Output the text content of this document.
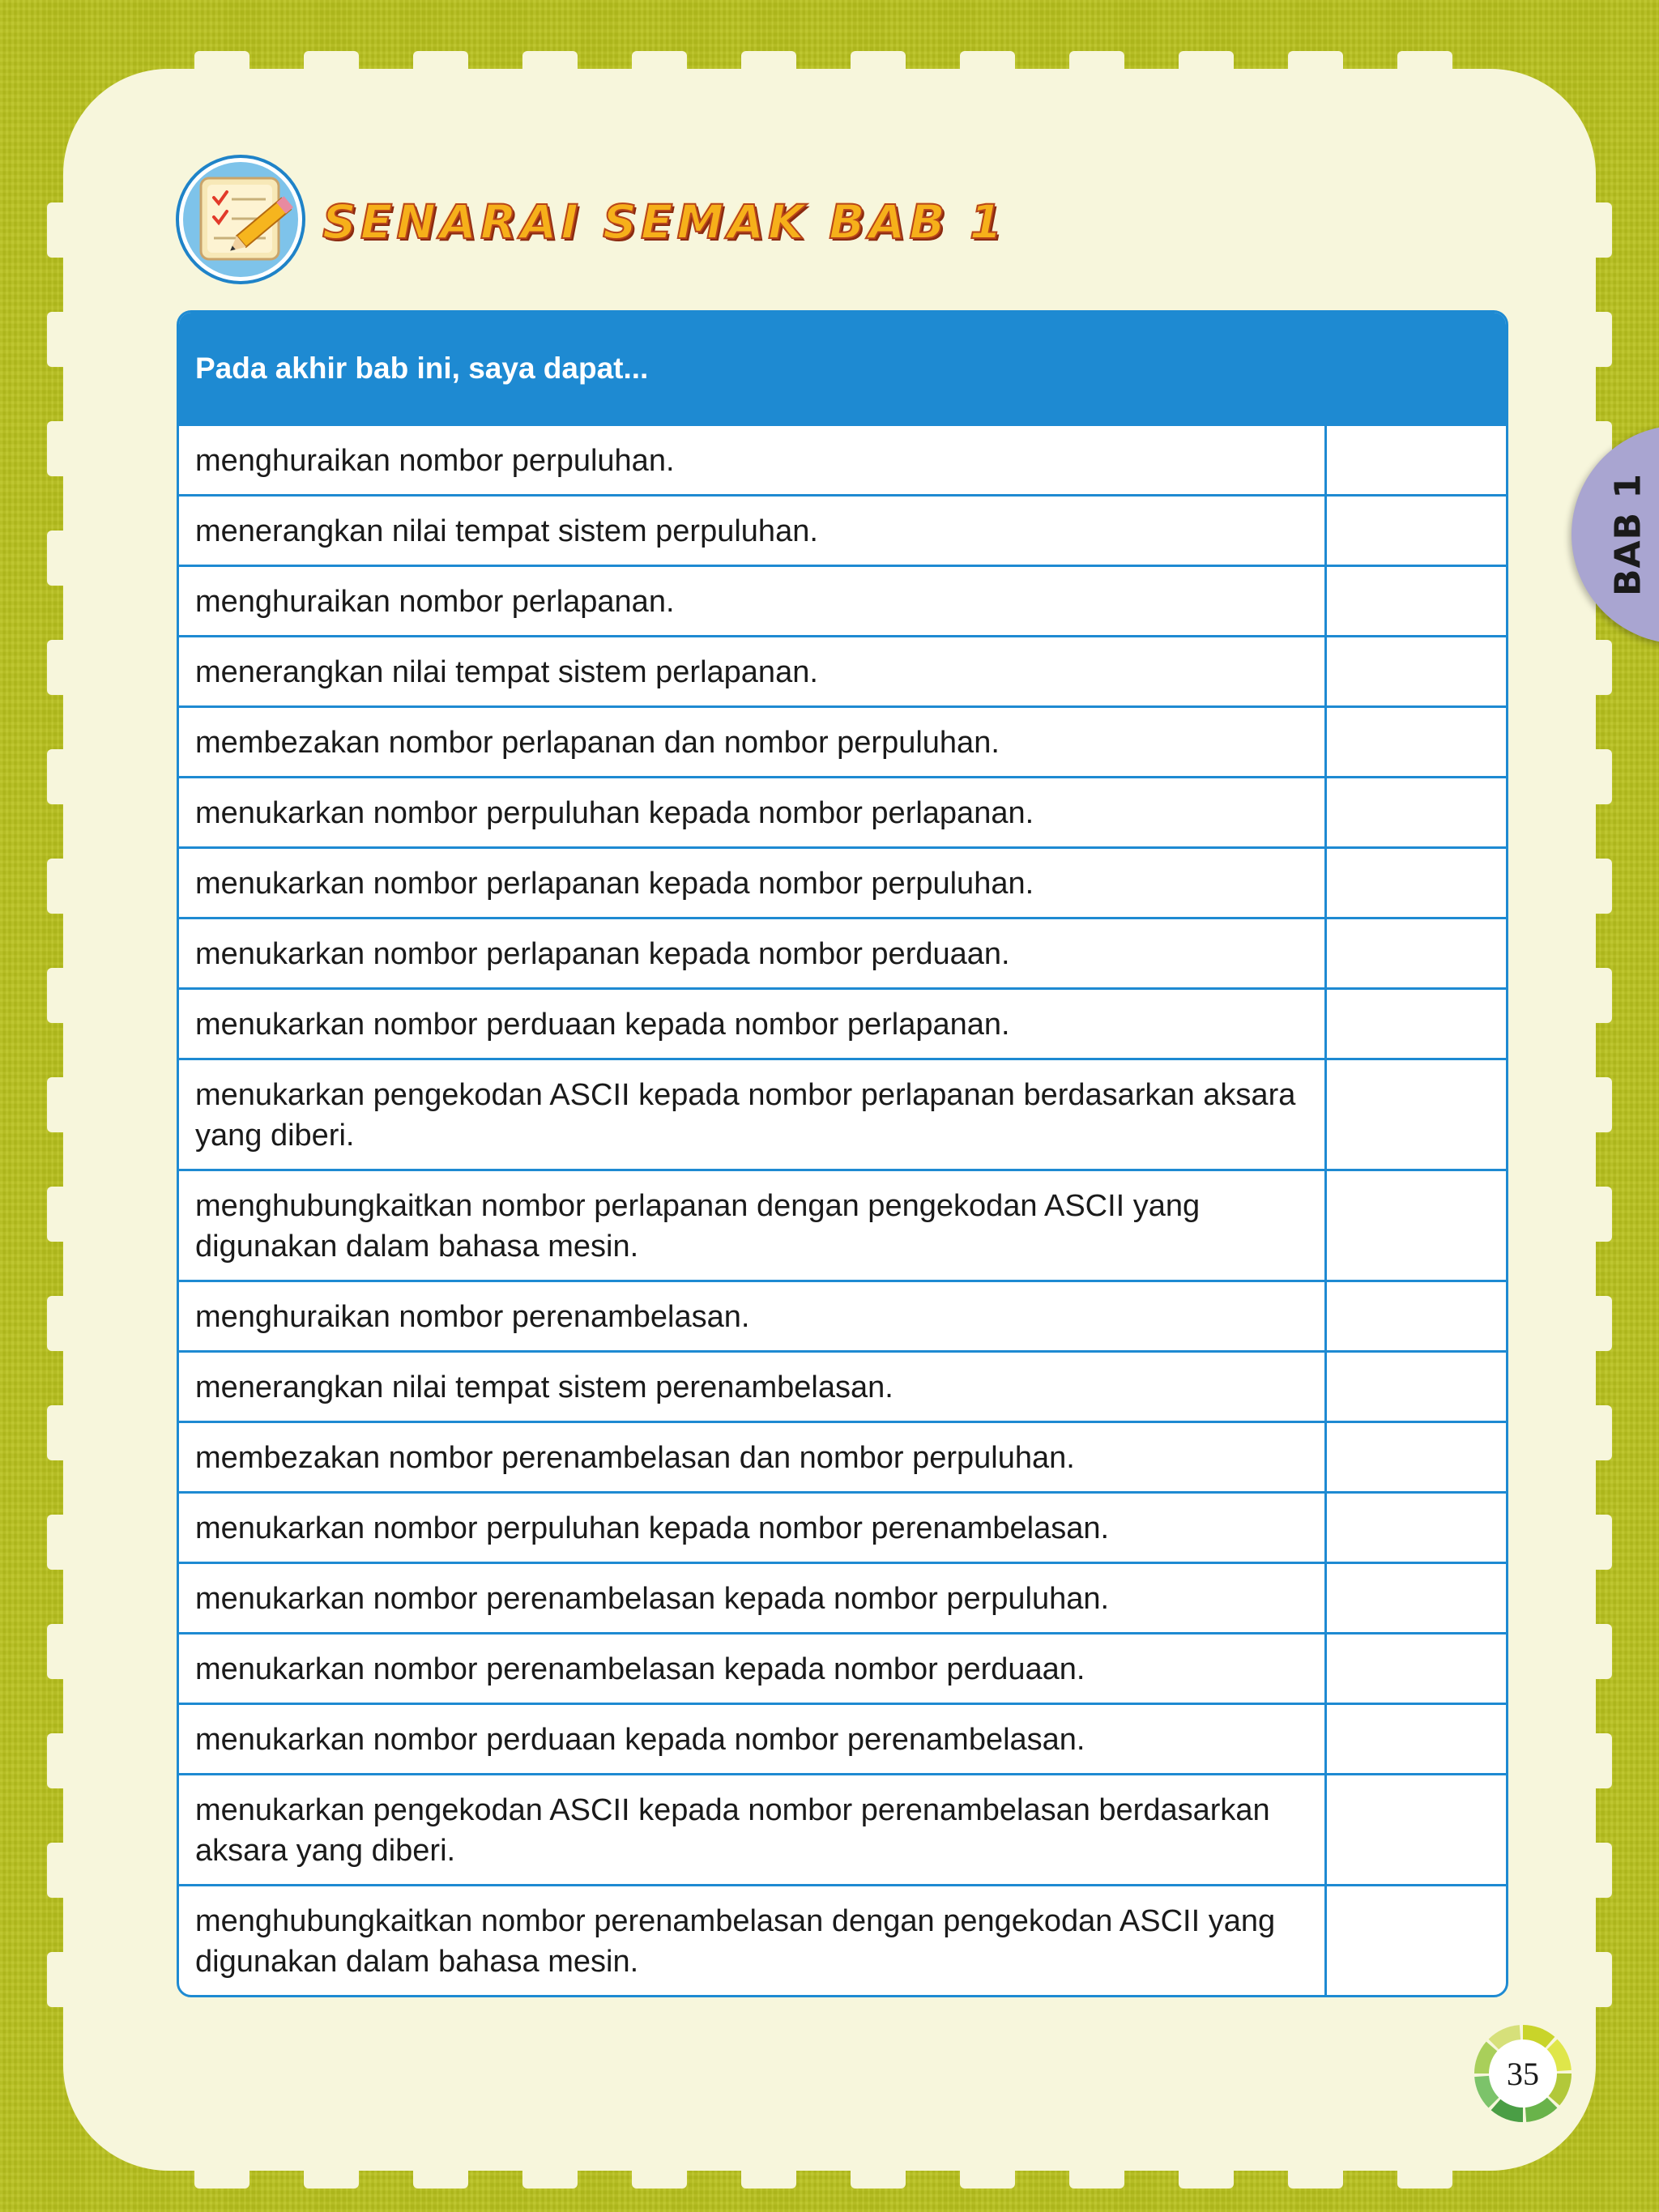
SENARAI SEMAK BAB 1
BAB 1
Pada akhir bab ini, saya dapat...
menghuraikan nombor perpuluhan.
menerangkan nilai tempat sistem perpuluhan.
menghuraikan nombor perlapanan.
menerangkan nilai tempat sistem perlapanan.
membezakan nombor perlapanan dan nombor perpuluhan.
menukarkan nombor perpuluhan kepada nombor perlapanan.
menukarkan nombor perlapanan kepada nombor perpuluhan.
menukarkan nombor perlapanan kepada nombor perduaan.
menukarkan nombor perduaan kepada nombor perlapanan.
menukarkan pengekodan ASCII kepada nombor perlapanan berdasarkan aksara yang diberi.
menghubungkaitkan nombor perlapanan dengan pengekodan ASCII yang digunakan dalam bahasa mesin.
menghuraikan nombor perenambelasan.
menerangkan nilai tempat sistem perenambelasan.
membezakan nombor perenambelasan dan nombor perpuluhan.
menukarkan nombor perpuluhan kepada nombor perenambelasan.
menukarkan nombor perenambelasan kepada nombor perpuluhan.
menukarkan nombor perenambelasan kepada nombor perduaan.
menukarkan nombor perduaan kepada nombor perenambelasan.
menukarkan pengekodan ASCII kepada nombor perenambelasan berdasarkan aksara yang diberi.
menghubungkaitkan nombor perenambelasan dengan pengekodan ASCII yang digunakan dalam bahasa mesin.
35
